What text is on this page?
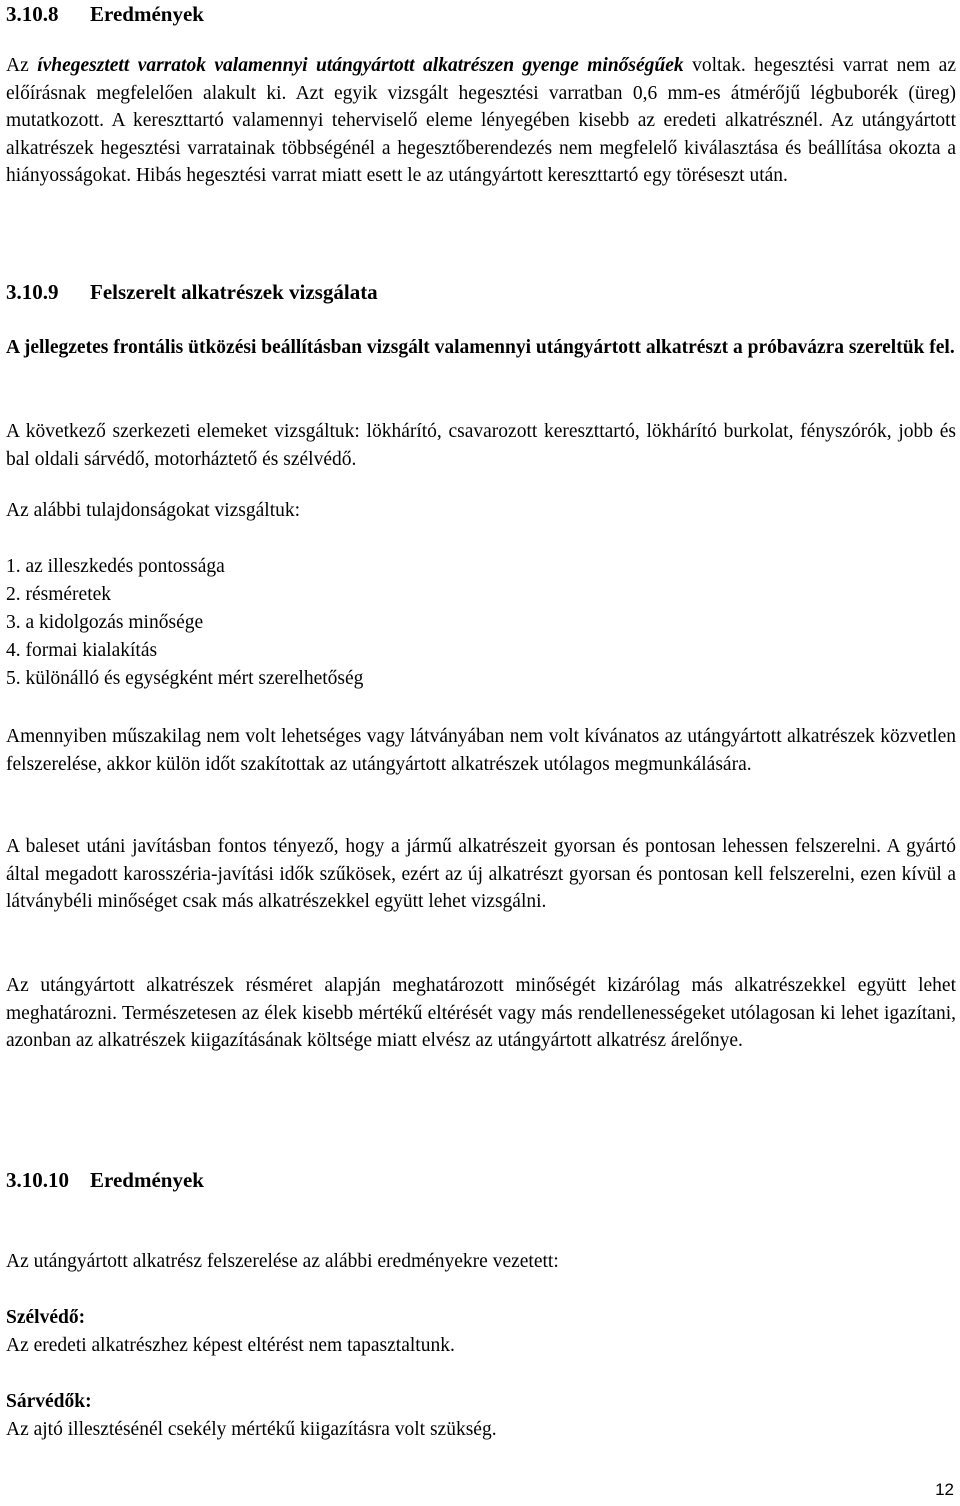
3.10.8 Eredmények

Az ívhegesztett varratok valamennyi utángyártott alkatrészen gyenge minőségűek voltak. hegesztési varrat nem az előírásnak megfelelően alakult ki. Azt egyik vizsgált hegesztési varratban 0,6 mm-es átmérőjű légbuborék (üreg) mutatkozott. A kereszttartó valamennyi teherviselő eleme lényegében kisebb az eredeti alkatrésznél. Az utángyártott alkatrészek hegesztési varratainak többségénél a hegesztőberendezés nem megfelelő kiválasztása és beállítása okozta a hiányosságokat. Hibás hegesztési varrat miatt esett le az utángyártott kereszttartó egy töréseszt után.

3.10.9 Felszerelt alkatrészek vizsgálata

A jellegzetes frontális ütközési beállításban vizsgált valamennyi utángyártott alkatrészt a próbavázra szereltük fel.

A következő szerkezeti elemeket vizsgáltuk: lökhárító, csavarozott kereszttartó, lökhárító burkolat, fényszórók, jobb és bal oldali sárvédő, motorháztető és szélvédő.

Az alábbi tulajdonságokat vizsgáltuk:
1. az illeszkedés pontossága
2. résméretek
3. a kidolgozás minősége
4. formai kialakítás
5. különálló és egységként mért szerelhetőség

Amennyiben műszakilag nem volt lehetséges vagy látványában nem volt kívánatos az utángyártott alkatrészek közvetlen felszerelése, akkor külön időt szakítottak az utángyártott alkatrészek utólagos megmunkálására.

A baleset utáni javításban fontos tényező, hogy a jármű alkatrészeit gyorsan és pontosan lehessen felszerelni. A gyártó által megadott karosszéria-javítási idők szűkösek, ezért az új alkatrészt gyorsan és pontosan kell felszerelni, ezen kívül a látványbéli minőséget csak más alkatrészekkel együtt lehet vizsgálni.

Az utángyártott alkatrészek résméret alapján meghatározott minőségét kizárólag más alkatrészekkel együtt lehet meghatározni. Természetesen az élek kisebb mértékű eltérését vagy más rendellenességeket utólagosan ki lehet igazítani, azonban az alkatrészek kiigazításának költsége miatt elvész az utángyártott alkatrész árelőnye.

3.10.10 Eredmények
Az utángyártott alkatrész felszerelése az alábbi eredményekre vezetett:
Szélvédő:
Az eredeti alkatrészhez képest eltérést nem tapasztaltunk.
Sárvédők:
Az ajtó illesztésénél csekély mértékű kiigazításra volt szükség.
12
